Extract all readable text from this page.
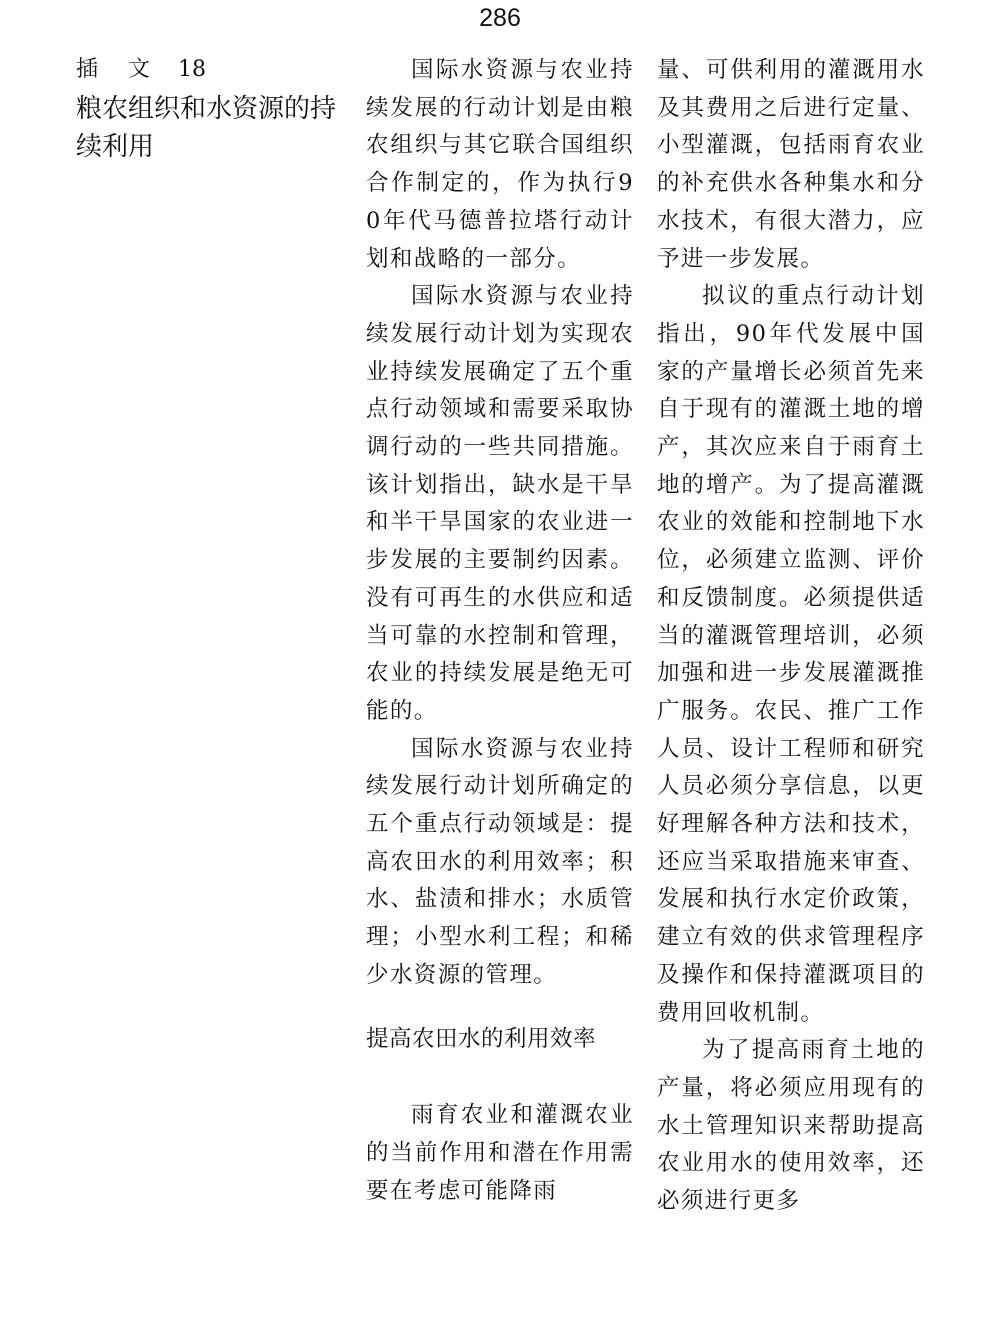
286
插	文	18
粮农组织和水资源的持续利用

国际水资源与农业持续发展的行动计划是由粮农组织与其它联合国组织合作制定的，作为执行90年代马德普拉塔行动计划和战略的一部分。

国际水资源与农业持续发展行动计划为实现农业持续发展确定了五个重点行动领域和需要采取协调行动的一些共同措施。该计划指出，缺水是干旱和半干旱国家的农业进一步发展的主要制约因素。没有可再生的水供应和适当可靠的水控制和管理，农业的持续发展是绝无可能的。

国际水资源与农业持续发展行动计划所确定的五个重点行动领域是：提高农田水的利用效率；积水、盐渍和排水；水质管理；小型水利工程；和稀少水资源的管理。

提高农田水的利用效率

雨育农业和灌溉农业的当前作用和潜在作用需要在考虑可能降雨

量、可供利用的灌溉用水及其费用之后进行定量、小型灌溉，包括雨育农业的补充供水各种集水和分水技术，有很大潜力，应予进一步发展。

拟议的重点行动计划指出，90年代发展中国家的产量增长必须首先来自于现有的灌溉土地的增产，其次应来自于雨育土地的增产。为了提高灌溉农业的效能和控制地下水位，必须建立监测、评价和反馈制度。必须提供适当的灌溉管理培训，必须加强和进一步发展灌溉推广服务。农民、推广工作人员、设计工程师和研究人员必须分享信息，以更好理解各种方法和技术，还应当采取措施来审查、发展和执行水定价政策，建立有效的供求管理程序及操作和保持灌溉项目的费用回收机制。

为了提高雨育土地的产量，将必须应用现有的水土管理知识来帮助提高农业用水的使用效率，还必须进行更多
